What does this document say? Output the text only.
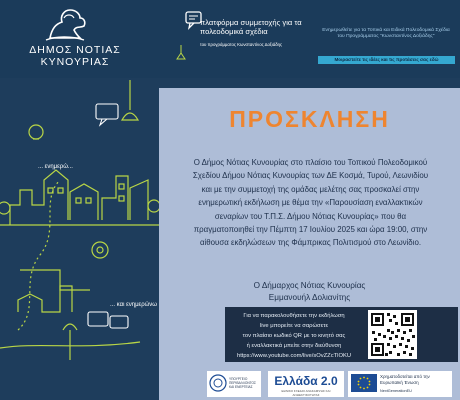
ΔΗΜΟΣ ΝΟΤΙΑΣ ΚΥΝΟΥΡΙΑΣ
πλατφόρμα συμμετοχής για τα πολεοδομικά σχέδια
του προγράμματος Κωνσταντίνος Δοξιάδης
Ενημερωθείτε για τα Τοπικά και Ειδικά Πολεοδομικά Σχέδια του Προγράμματος "Κωνσταντίνος Δοξιάδης"
Μοιραστείτε τις ιδέες και τις προτάσεις σας εδώ
... ενημερώ...
... και ενημερώνω
ΠΡΟΣΚΛΗΣΗ
Ο Δήμος Νότιας Κυνουρίας στο πλαίσιο του Τοπικού Πολεοδομικού
Σχεδίου Δήμου Νότιας Κυνουρίας των ΔΕ Κοσμά, Τυρού, Λεωνιδίου
και με την συμμετοχή της ομάδας μελέτης σας προσκαλεί στην
ενημερωτική εκδήλωση με θέμα την «Παρουσίαση εναλλακτικών
σεναρίων του Τ.Π.Σ. Δήμου Νότιας Κυνουρίας» που θα
πραγματοποιηθεί την Πέμπτη 17 Ιουλίου 2025 και ώρα 19:00, στην
αίθουσα εκδηλώσεων της Φάμπρικας Πολιτισμού στο Λεωνίδιο.
Ο Δήμαρχος Νότιας Κυνουρίας
Εμμανουήλ Δολιανίτης
Για να παρακολουθήσετε την εκδήλωση
live μπορείτε να σαρώσετε
τον πλαίσιο κωδικό QR με το κινητό σας
ή εναλλακτικά μπείτε στην διεύθυνση
https://www.youtube.com/live/sOvZZcTlOKU
ΥΠΟΥΡΓΕΙΟ ΠΕΡΙΒΑΛΛΟΝΤΟΣ ΚΑΙ ΕΝΕΡΓΕΙΑΣ	Ελλάδα 2.0
ΕΘΝΙΚΟ ΣΧΕΔΙΟ ΑΝΑΚΑΜΨΗΣ ΚΑΙ ΑΝΘΕΚΤΙΚΟΤΗΤΑΣ
Χρηματοδοτείται από την Ευρωπαϊκή Ένωση
NextGenerationEU
